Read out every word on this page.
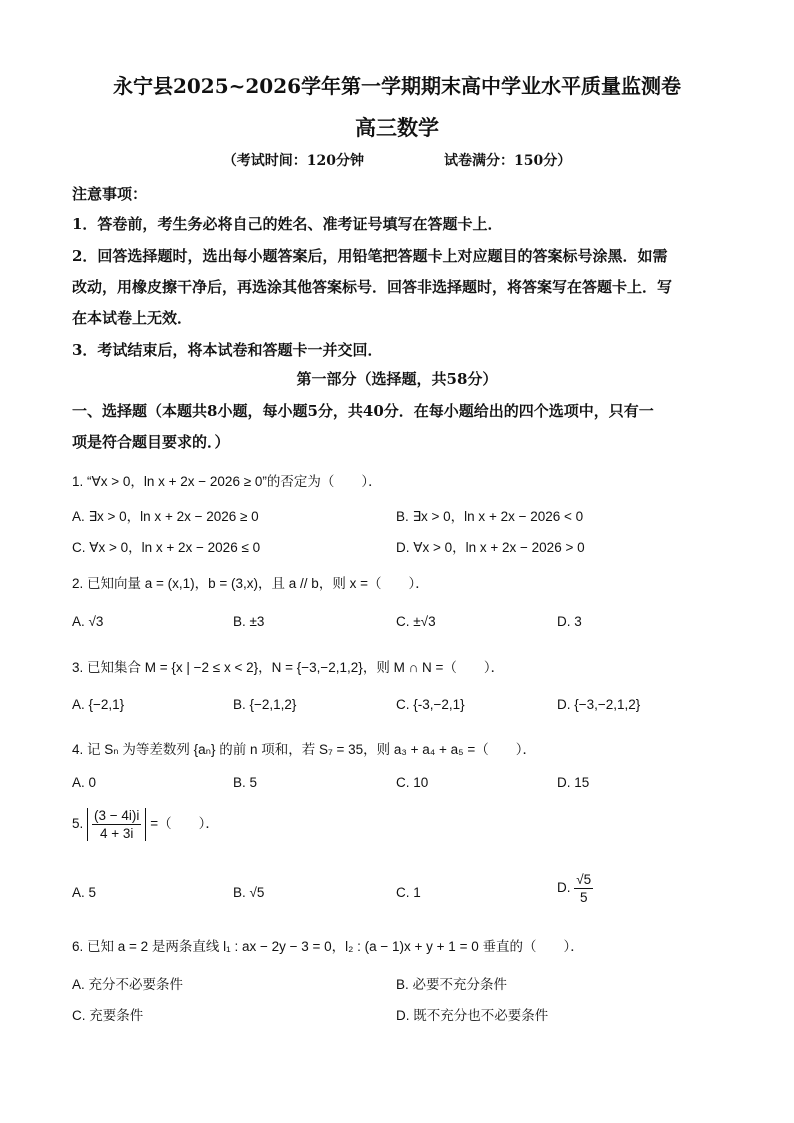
永宁县2025~2026学年第一学期期末高中学业水平质量监测卷
高三数学
（考试时间：120分钟	试卷满分：150分）
注意事项：
1．答卷前，考生务必将自己的姓名、准考证号填写在答题卡上．
2．回答选择题时，选出每小题答案后，用铅笔把答题卡上对应题目的答案标号涂黑．如需
改动，用橡皮擦干净后，再选涂其他答案标号．回答非选择题时，将答案写在答题卡上．写
在本试卷上无效．
3．考试结束后，将本试卷和答题卡一并交回．
第一部分（选择题，共58分）
一、选择题（本题共8小题，每小题5分，共40分．在每小题给出的四个选项中，只有一
项是符合题目要求的．）
1. “∀x > 0，ln x + 2x − 2026 ≥ 0”的否定为（　　）．
A. ∃x > 0，ln x + 2x − 2026 ≥ 0	B. ∃x > 0，ln x + 2x − 2026 < 0
C. ∀x > 0，ln x + 2x − 2026 ≤ 0	D. ∀x > 0，ln x + 2x − 2026 > 0
2. 已知向量 a = (x,1)，b = (3,x)，且 a // b，则 x =（　　）．
A. √3	B. ±3	C. ±√3	D. 3
3. 已知集合 M = {x | −2 ≤ x < 2}，N = {−3,−2,1,2}，则 M ∩ N =（　　）．
A. {−2,1}	B. {−2,1,2}	C. {-3,−2,1}	D. {−3,−2,1,2}
4. 记 Sₙ 为等差数列 {aₙ} 的前 n 项和，若 S₇ = 35，则 a₃ + a₄ + a₅ =（　　）．
A. 0	B. 5	C. 10	D. 15
5. $\frac{(3 - 4i)i}{4 + 3i}$ =（　　）．
A. 5	B. √5	C. 1	D. $\frac{√5}{5}$
6. 已知 a = 2 是两条直线 l₁ : ax − 2y − 3 = 0，l₂ : (a − 1)x + y + 1 = 0 垂直的（　　）．
A. 充分不必要条件	B. 必要不充分条件
C. 充要条件	D. 既不充分也不必要条件
